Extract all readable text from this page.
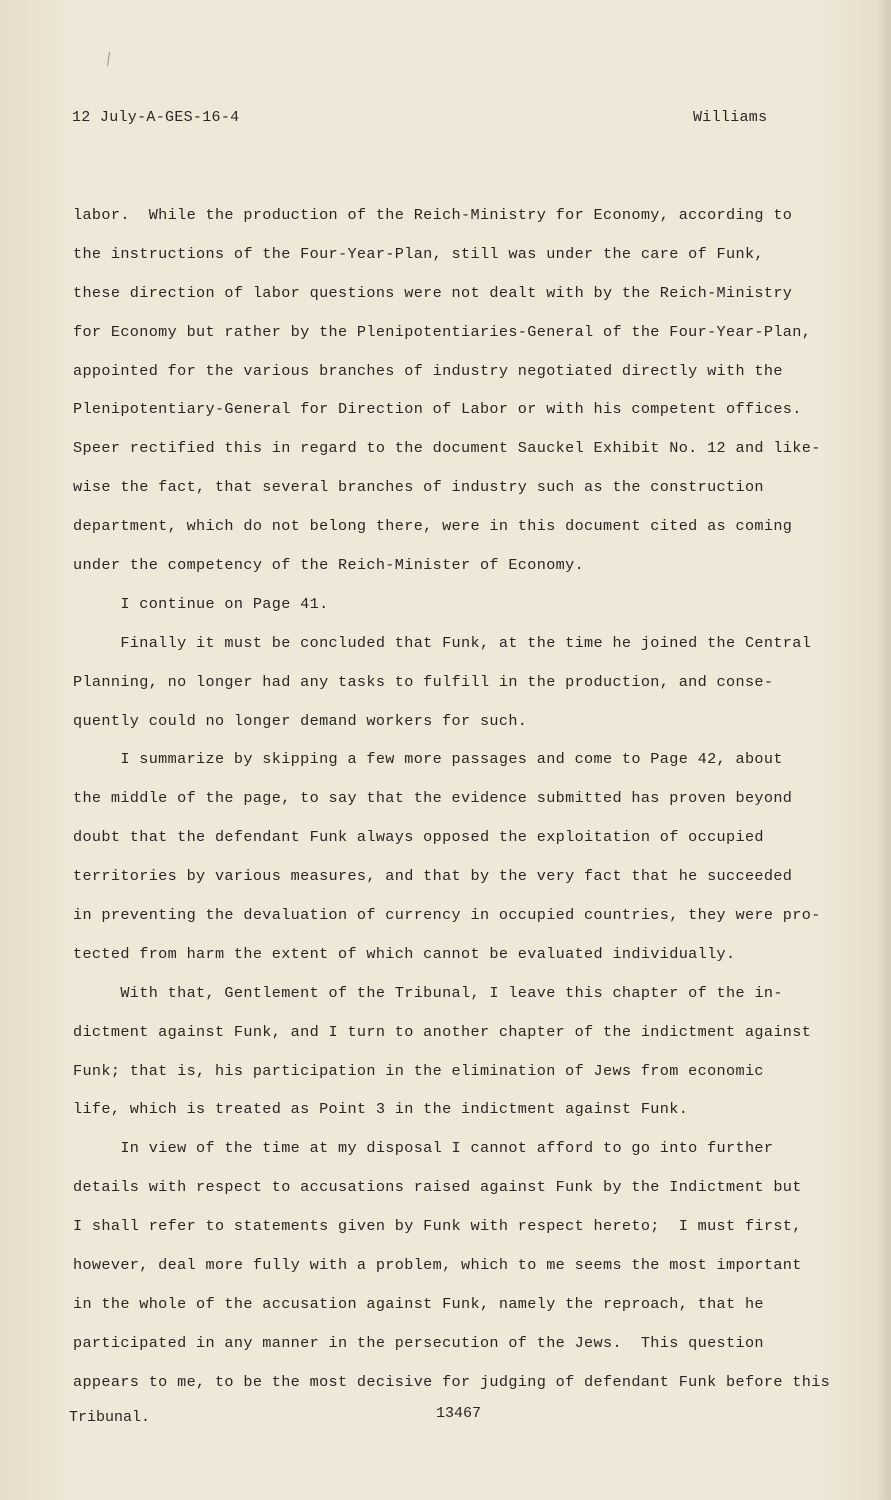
12 July-A-GES-16-4	Williams
labor.  While the production of the Reich-Ministry for Economy, according to
the instructions of the Four-Year-Plan, still was under the care of Funk,
these direction of labor questions were not dealt with by the Reich-Ministry
for Economy but rather by the Plenipotentiaries-General of the Four-Year-Plan,
appointed for the various branches of industry negotiated directly with the
Plenipotentiary-General for Direction of Labor or with his competent offices.
Speer rectified this in regard to the document Sauckel Exhibit No. 12 and like-
wise the fact, that several branches of industry such as the construction
department, which do not belong there, were in this document cited as coming
under the competency of the Reich-Minister of Economy.
I continue on Page 41.
Finally it must be concluded that Funk, at the time he joined the Central
Planning, no longer had any tasks to fulfill in the production, and conse-
quently could no longer demand workers for such.
I summarize by skipping a few more passages and come to Page 42, about
the middle of the page, to say that the evidence submitted has proven beyond
doubt that the defendant Funk always opposed the exploitation of occupied
territories by various measures, and that by the very fact that he succeeded
in preventing the devaluation of currency in occupied countries, they were pro-
tected from harm the extent of which cannot be evaluated individually.
With that, Gentlement of the Tribunal, I leave this chapter of the in-
dictment against Funk, and I turn to another chapter of the indictment against
Funk; that is, his participation in the elimination of Jews from economic
life, which is treated as Point 3 in the indictment against Funk.
In view of the time at my disposal I cannot afford to go into further
details with respect to accusations raised against Funk by the Indictment but
I shall refer to statements given by Funk with respect hereto;  I must first,
however, deal more fully with a problem, which to me seems the most important
in the whole of the accusation against Funk, namely the reproach, that he
participated in any manner in the persecution of the Jews.  This question
appears to me, to be the most decisive for judging of defendant Funk before this
Tribunal.	13467
